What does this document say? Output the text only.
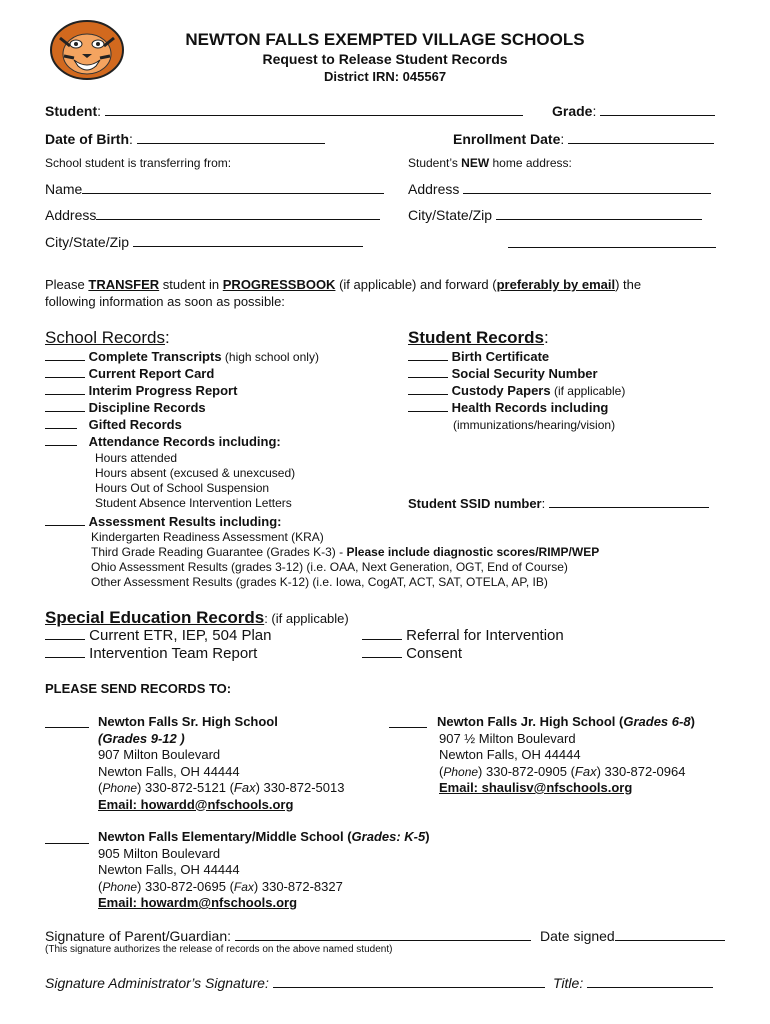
NEWTON FALLS EXEMPTED VILLAGE SCHOOLS
Request to Release Student Records
District IRN: 045567
Student:	Grade:
Date of Birth:	Enrollment Date:
School student is transferring from:	Student’s NEW home address:
Name	Address
Address	City/State/Zip
City/State/Zip
Please TRANSFER student in PROGRESSBOOK (if applicable) and forward (preferably by email) the
following information as soon as possible:
School Records:
Complete Transcripts (high school only)
Current Report Card
Interim Progress Report
Discipline Records
Gifted Records
Attendance Records including:
Hours attended
Hours absent (excused & unexcused)
Hours Out of School Suspension
Student Absence Intervention Letters
Assessment Results including:
Kindergarten Readiness Assessment (KRA)
Third Grade Reading Guarantee (Grades K-3) - Please include diagnostic scores/RIMP/WEP
Ohio Assessment Results (grades 3-12) (i.e. OAA, Next Generation, OGT, End of Course)
Other Assessment Results (grades K-12) (i.e. Iowa, CogAT, ACT, SAT, OTELA, AP, IB)
Student Records:
Birth Certificate
Social Security Number
Custody Papers (if applicable)
Health Records including
(immunizations/hearing/vision)
Student SSID number:
Special Education Records: (if applicable)
Current ETR, IEP, 504 Plan
Intervention Team Report
Referral for Intervention
Consent
PLEASE SEND RECORDS TO:
Newton Falls Sr. High School
(Grades 9-12 )
907 Milton Boulevard
Newton Falls, OH 44444
(Phone) 330-872-5121 (Fax) 330-872-5013
Email: howardd@nfschools.org
Newton Falls Jr. High School (Grades 6-8)
907 ½ Milton Boulevard
Newton Falls, OH 44444
(Phone) 330-872-0905 (Fax) 330-872-0964
Email: shaulisv@nfschools.org
Newton Falls Elementary/Middle School (Grades: K-5)
905 Milton Boulevard
Newton Falls, OH 44444
(Phone) 330-872-0695 (Fax) 330-872-8327
Email: howardm@nfschools.org
Signature of Parent/Guardian:	Date signed
(This signature authorizes the release of records on the above named student)
Signature Administrator’s Signature:	Title:
